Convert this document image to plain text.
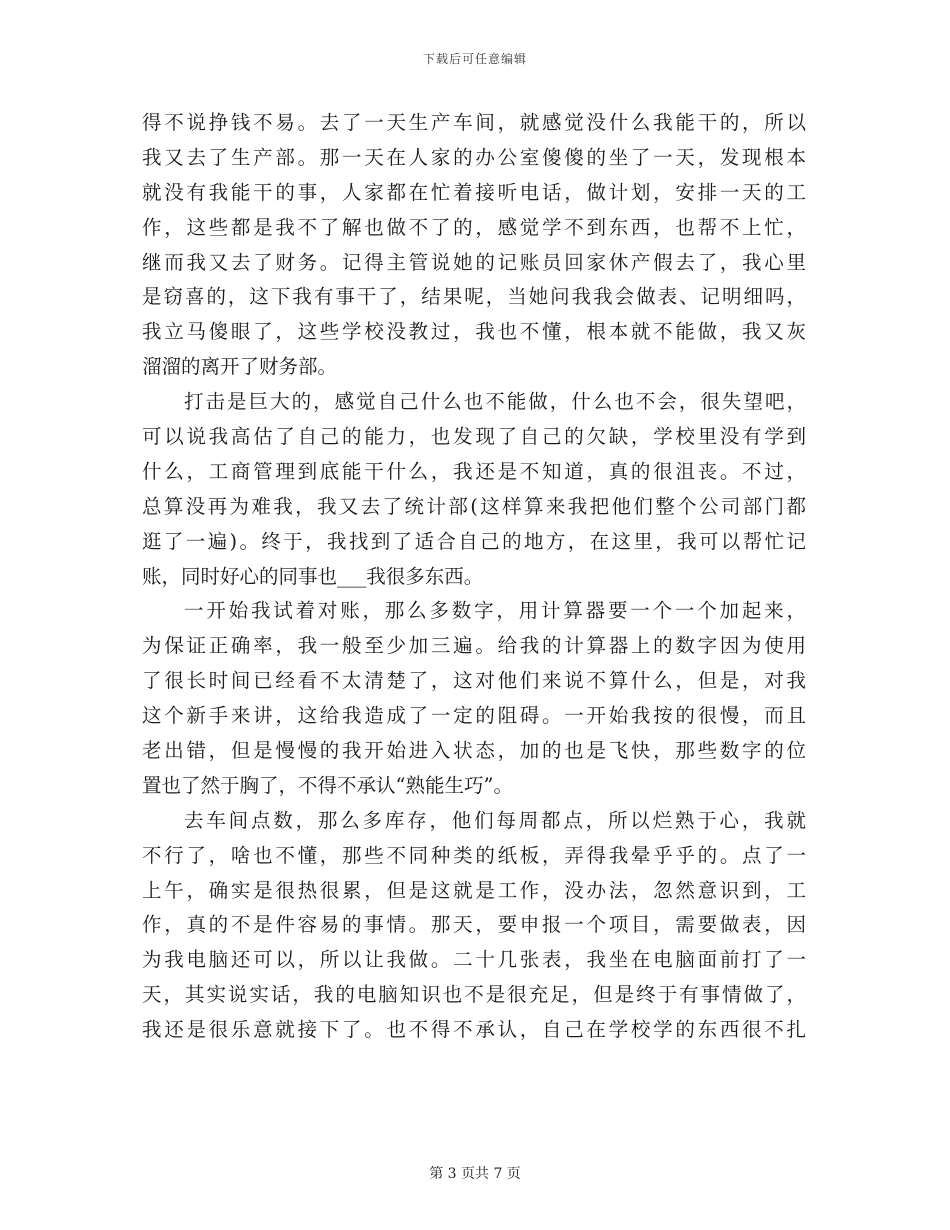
下载后可任意编辑
得不说挣钱不易。去了一天生产车间，就感觉没什么我能干的，所以
我又去了生产部。那一天在人家的办公室傻傻的坐了一天，发现根本
就没有我能干的事，人家都在忙着接听电话，做计划，安排一天的工
作，这些都是我不了解也做不了的，感觉学不到东西，也帮不上忙，
继而我又去了财务。记得主管说她的记账员回家休产假去了，我心里
是窃喜的，这下我有事干了，结果呢，当她问我我会做表、记明细吗，
我立马傻眼了，这些学校没教过，我也不懂，根本就不能做，我又灰
溜溜的离开了财务部。
打击是巨大的，感觉自己什么也不能做，什么也不会，很失望吧，
可以说我高估了自己的能力，也发现了自己的欠缺，学校里没有学到
什么，工商管理到底能干什么，我还是不知道，真的很沮丧。不过，
总算没再为难我，我又去了统计部(这样算来我把他们整个公司部门都
逛了一遍)。终于，我找到了适合自己的地方，在这里，我可以帮忙记
账，同时好心的同事也___我很多东西。
一开始我试着对账，那么多数字，用计算器要一个一个加起来，
为保证正确率，我一般至少加三遍。给我的计算器上的数字因为使用
了很长时间已经看不太清楚了，这对他们来说不算什么，但是，对我
这个新手来讲，这给我造成了一定的阻碍。一开始我按的很慢，而且
老出错，但是慢慢的我开始进入状态，加的也是飞快，那些数字的位
置也了然于胸了，不得不承认“熟能生巧”。
去车间点数，那么多库存，他们每周都点，所以烂熟于心，我就
不行了，啥也不懂，那些不同种类的纸板，弄得我晕乎乎的。点了一
上午，确实是很热很累，但是这就是工作，没办法，忽然意识到，工
作，真的不是件容易的事情。那天，要申报一个项目，需要做表，因
为我电脑还可以，所以让我做。二十几张表，我坐在电脑面前打了一
天，其实说实话，我的电脑知识也不是很充足，但是终于有事情做了，
我还是很乐意就接下了。也不得不承认，自己在学校学的东西很不扎
第 3 页共 7 页
